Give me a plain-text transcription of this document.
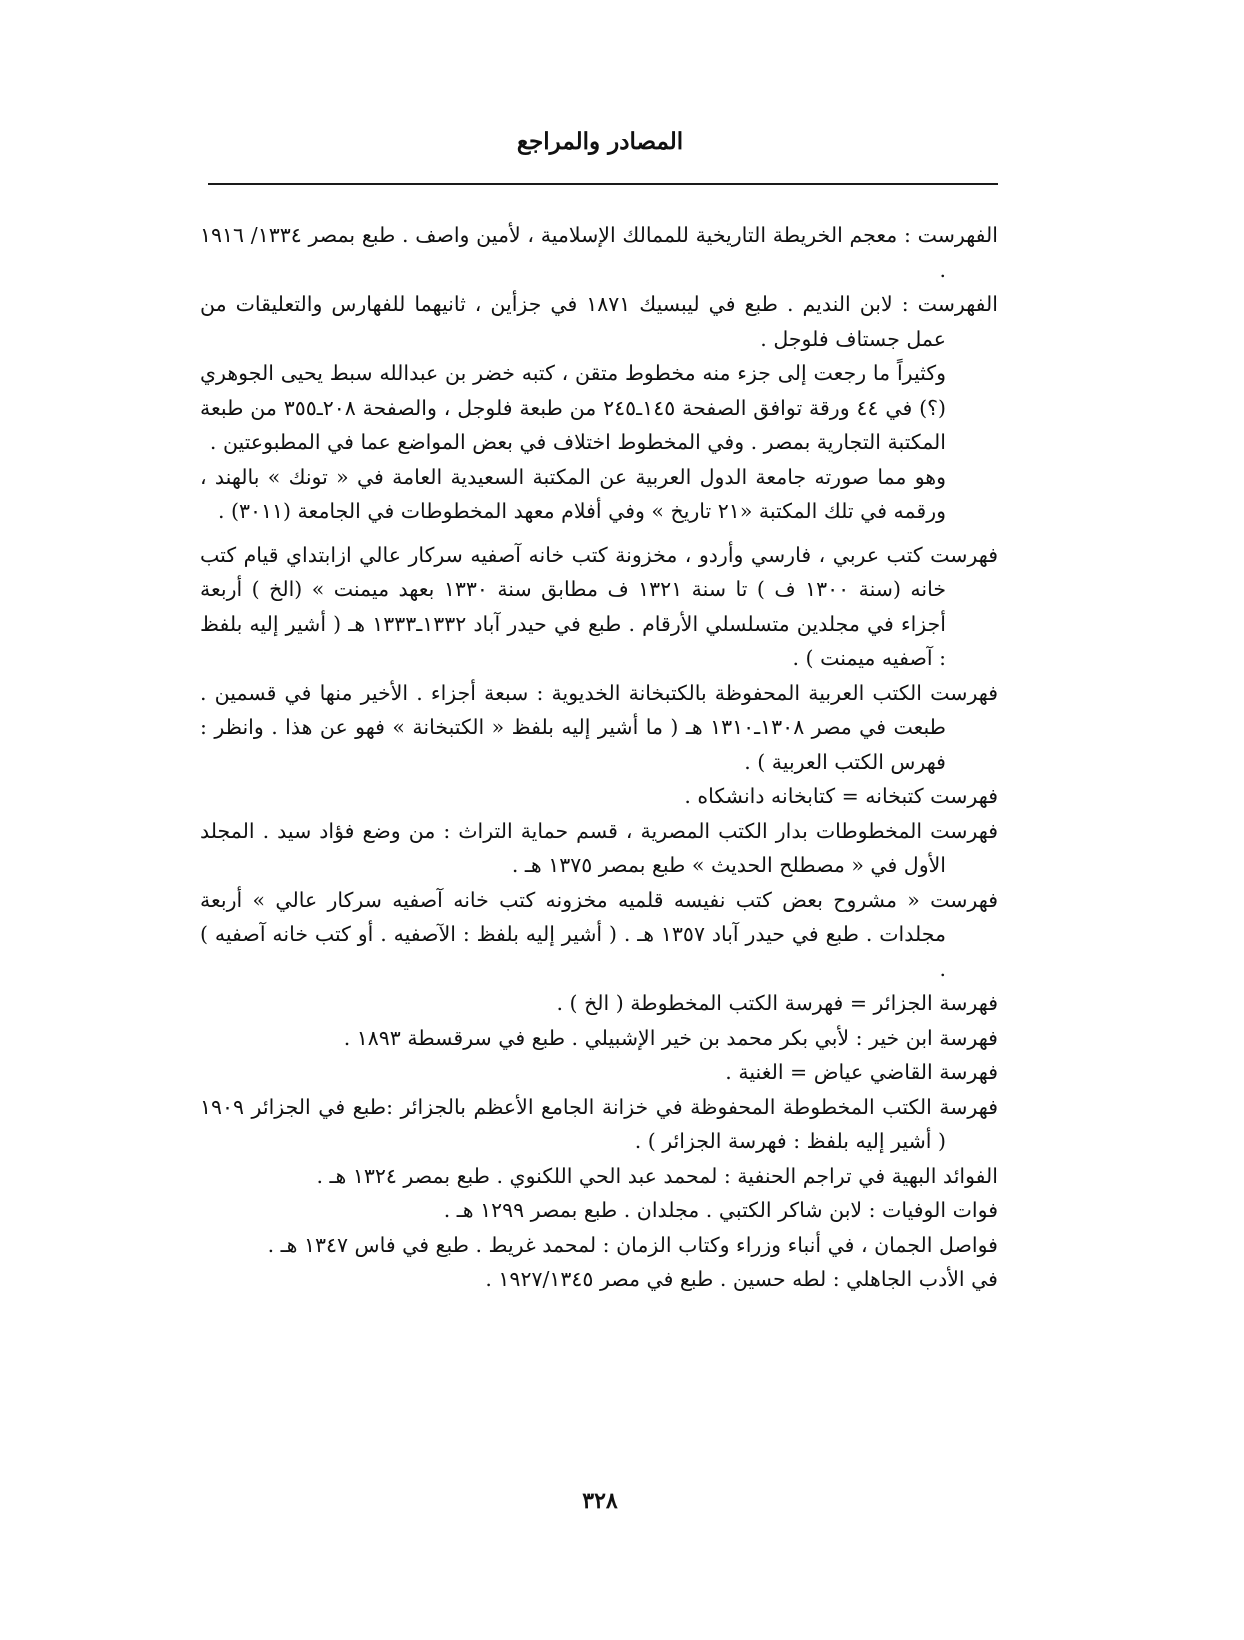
المصادر والمراجع

الفهرست : معجم الخريطة التاريخية للممالك الإسلامية ، لأمين واصف . طبع بمصر ١٣٣٤/ ١٩١٦ .

الفهرست : لابن النديم . طبع في ليبسيك ١٨٧١ في جزأين ، ثانيهما للفهارس والتعليقات من عمل جستاف فلوجل .

وكثيراً ما رجعت إلى جزء منه مخطوط متقن ، كتبه خضر بن عبدالله سبط يحيى الجوهري (؟) في ٤٤ ورقة توافق الصفحة ١٤٥ـ٢٤٥ من طبعة فلوجل ، والصفحة ٢٠٨ـ٣٥٥ من طبعة المكتبة التجارية بمصر . وفي المخطوط اختلاف في بعض المواضع عما في المطبوعتين .

وهو مما صورته جامعة الدول العربية عن المكتبة السعيدية العامة في « تونك » بالهند ، ورقمه في تلك المكتبة «٢١ تاريخ » وفي أفلام معهد المخطوطات في الجامعة (٣٠١١) .

فهرست كتب عربي ، فارسي وأردو ، مخزونة كتب خانه آصفيه سركار عالي ازابتداي قيام كتب خانه (سنة ١٣٠٠ ف ) تا سنة ١٣٢١ ف مطابق سنة ١٣٣٠ بعهد ميمنت » (الخ ) أربعة أجزاء في مجلدين متسلسلي الأرقام . طبع في حيدر آباد ١٣٣٢ـ١٣٣٣ هـ ( أشير إليه بلفظ : آصفيه ميمنت ) .

فهرست الكتب العربية المحفوظة بالكتبخانة الخديوية : سبعة أجزاء . الأخير منها في قسمين . طبعت في مصر ١٣٠٨ـ١٣١٠ هـ ( ما أشير إليه بلفظ « الكتبخانة » فهو عن هذا . وانظر : فهرس الكتب العربية ) .

فهرست كتبخانه = كتابخانه دانشكاه .

فهرست المخطوطات بدار الكتب المصرية ، قسم حماية التراث : من وضع فؤاد سيد . المجلد الأول في « مصطلح الحديث » طبع بمصر ١٣٧٥ هـ .

فهرست « مشروح بعض كتب نفيسه قلميه مخزونه كتب خانه آصفيه سركار عالي » أربعة مجلدات . طبع في حيدر آباد ١٣٥٧ هـ . ( أشير إليه بلفظ : الآصفيه . أو كتب خانه آصفيه ) .

فهرسة الجزائر = فهرسة الكتب المخطوطة ( الخ ) .

فهرسة ابن خير : لأبي بكر محمد بن خير الإشبيلي . طبع في سرقسطة ١٨٩٣ .

فهرسة القاضي عياض = الغنية .

فهرسة الكتب المخطوطة المحفوظة في خزانة الجامع الأعظم بالجزائر :طبع في الجزائر ١٩٠٩ ( أشير إليه بلفظ : فهرسة الجزائر ) .

الفوائد البهية في تراجم الحنفية : لمحمد عبد الحي اللكنوي . طبع بمصر ١٣٢٤ هـ .

فوات الوفيات : لابن شاكر الكتبي . مجلدان . طبع بمصر ١٢٩٩ هـ .

فواصل الجمان ، في أنباء وزراء وكتاب الزمان : لمحمد غريط . طبع في فاس ١٣٤٧ هـ .

في الأدب الجاهلي : لطه حسين . طبع في مصر ١٩٢٧/١٣٤٥ .

٣٢٨
